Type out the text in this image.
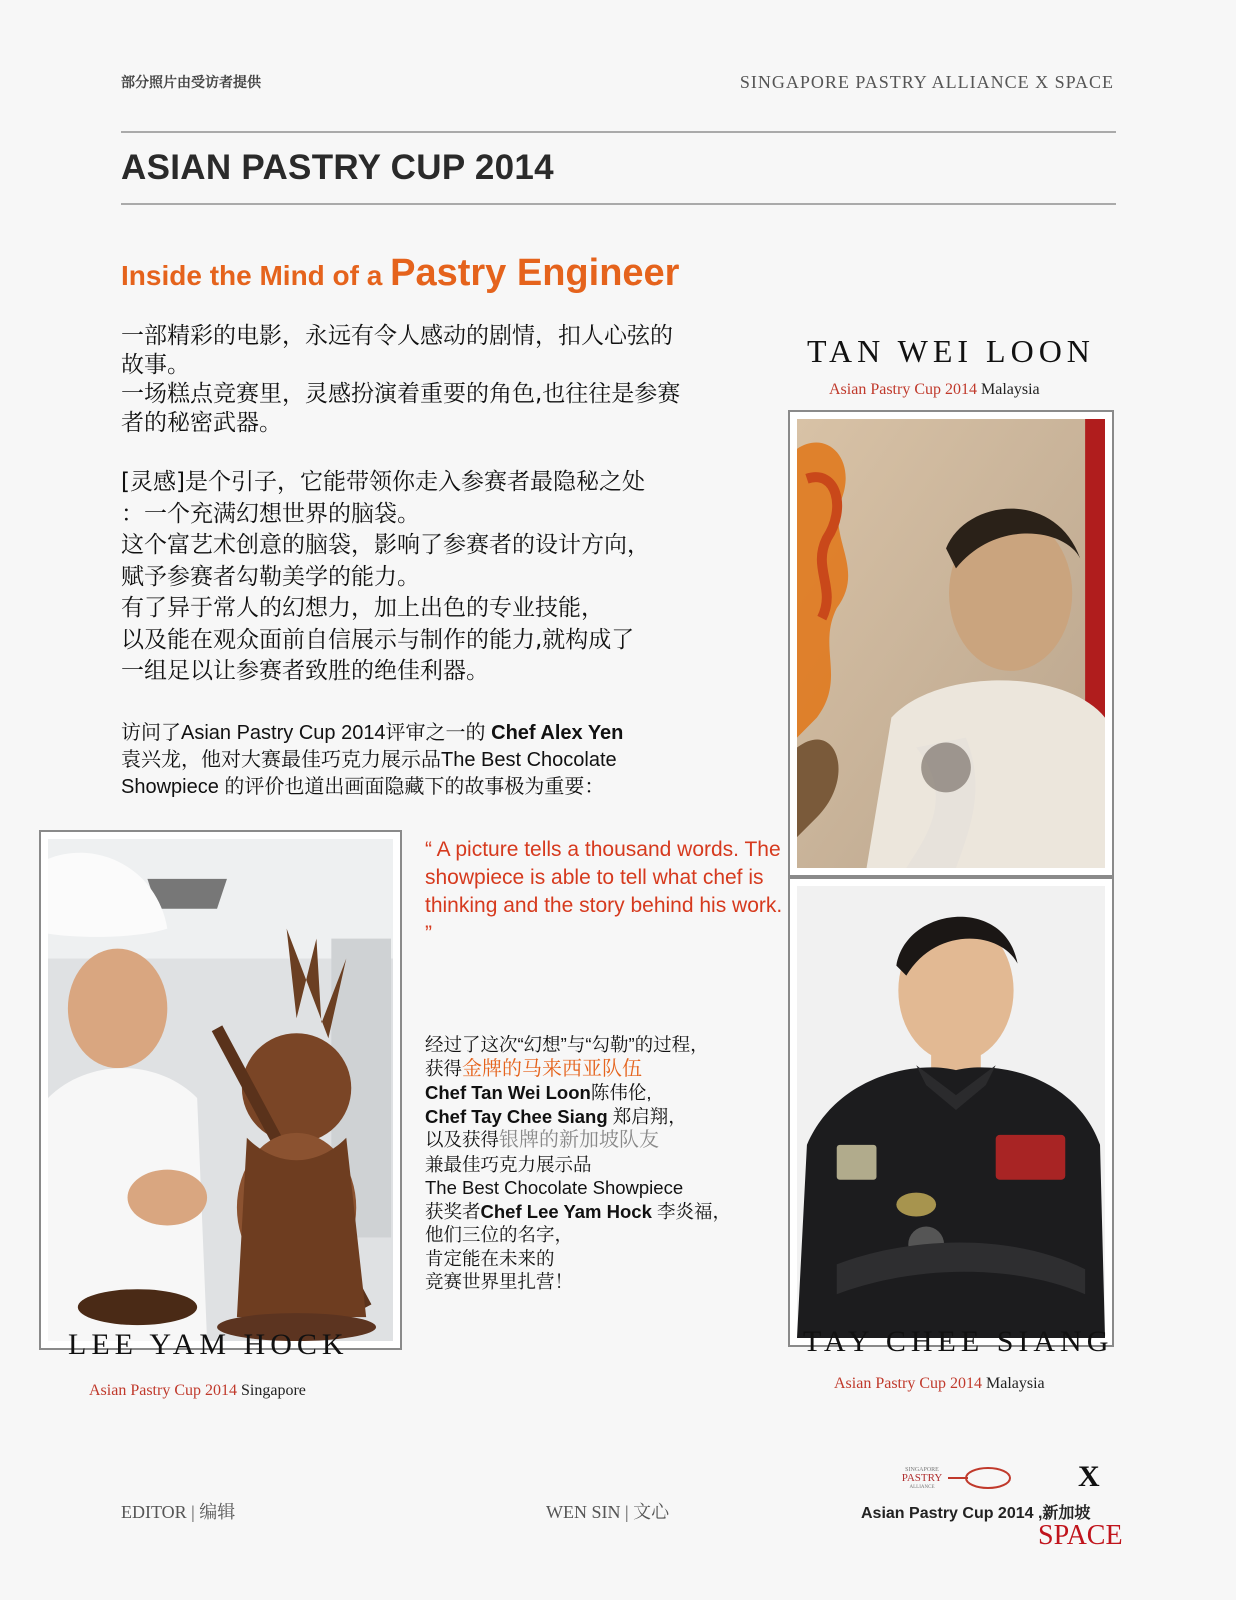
部分照片由受访者提供	SINGAPORE PASTRY ALLIANCE X SPACE
ASIAN PASTRY CUP 2014
Inside the Mind of a Pastry Engineer

一部精彩的电影，永远有令人感动的剧情，扣人心弦的

故事。

一场糕点竞赛里，灵感扮演着重要的角色,也往往是参赛

者的秘密武器。

[灵感]是个引子，它能带领你走入参赛者最隐秘之处

：一个充满幻想世界的脑袋。

这个富艺术创意的脑袋，影响了参赛者的设计方向，

赋予参赛者勾勒美学的能力。

有了异于常人的幻想力，加上出色的专业技能，

以及能在观众面前自信展示与制作的能力,就构成了

一组足以让参赛者致胜的绝佳利器。

访问了Asian Pastry Cup 2014评审之一的 Chef Alex Yen
袁兴龙，他对大赛最佳巧克力展示品The Best Chocolate
Showpiece 的评价也道出画面隐藏下的故事极为重要：
TAN WEI LOON
Asian Pastry Cup 2014 Malaysia
TAY CHEE SIANG
Asian Pastry Cup 2014 Malaysia
LEE YAM HOCK
Asian Pastry Cup 2014 Singapore
“ A picture tells a thousand words. The showpiece is able to tell what chef is thinking and the story behind his work. ”
经过了这次“幻想”与“勾勒”的过程，
获得金牌的马来西亚队伍
Chef Tan Wei Loon陈伟伦,
Chef Tay Chee Siang 郑启翔，
以及获得银牌的新加坡队友
兼最佳巧克力展示品
The Best Chocolate Showpiece
获奖者Chef Lee Yam Hock 李炎福，
他们三位的名字，
肯定能在未来的
竞赛世界里扎营！
EDITOR | 编辑	WEN SIN | 文心
SINGAPORE
PASTRY
ALLIANCE	X
Asian Pastry Cup 2014 ,新加坡
SPACE
